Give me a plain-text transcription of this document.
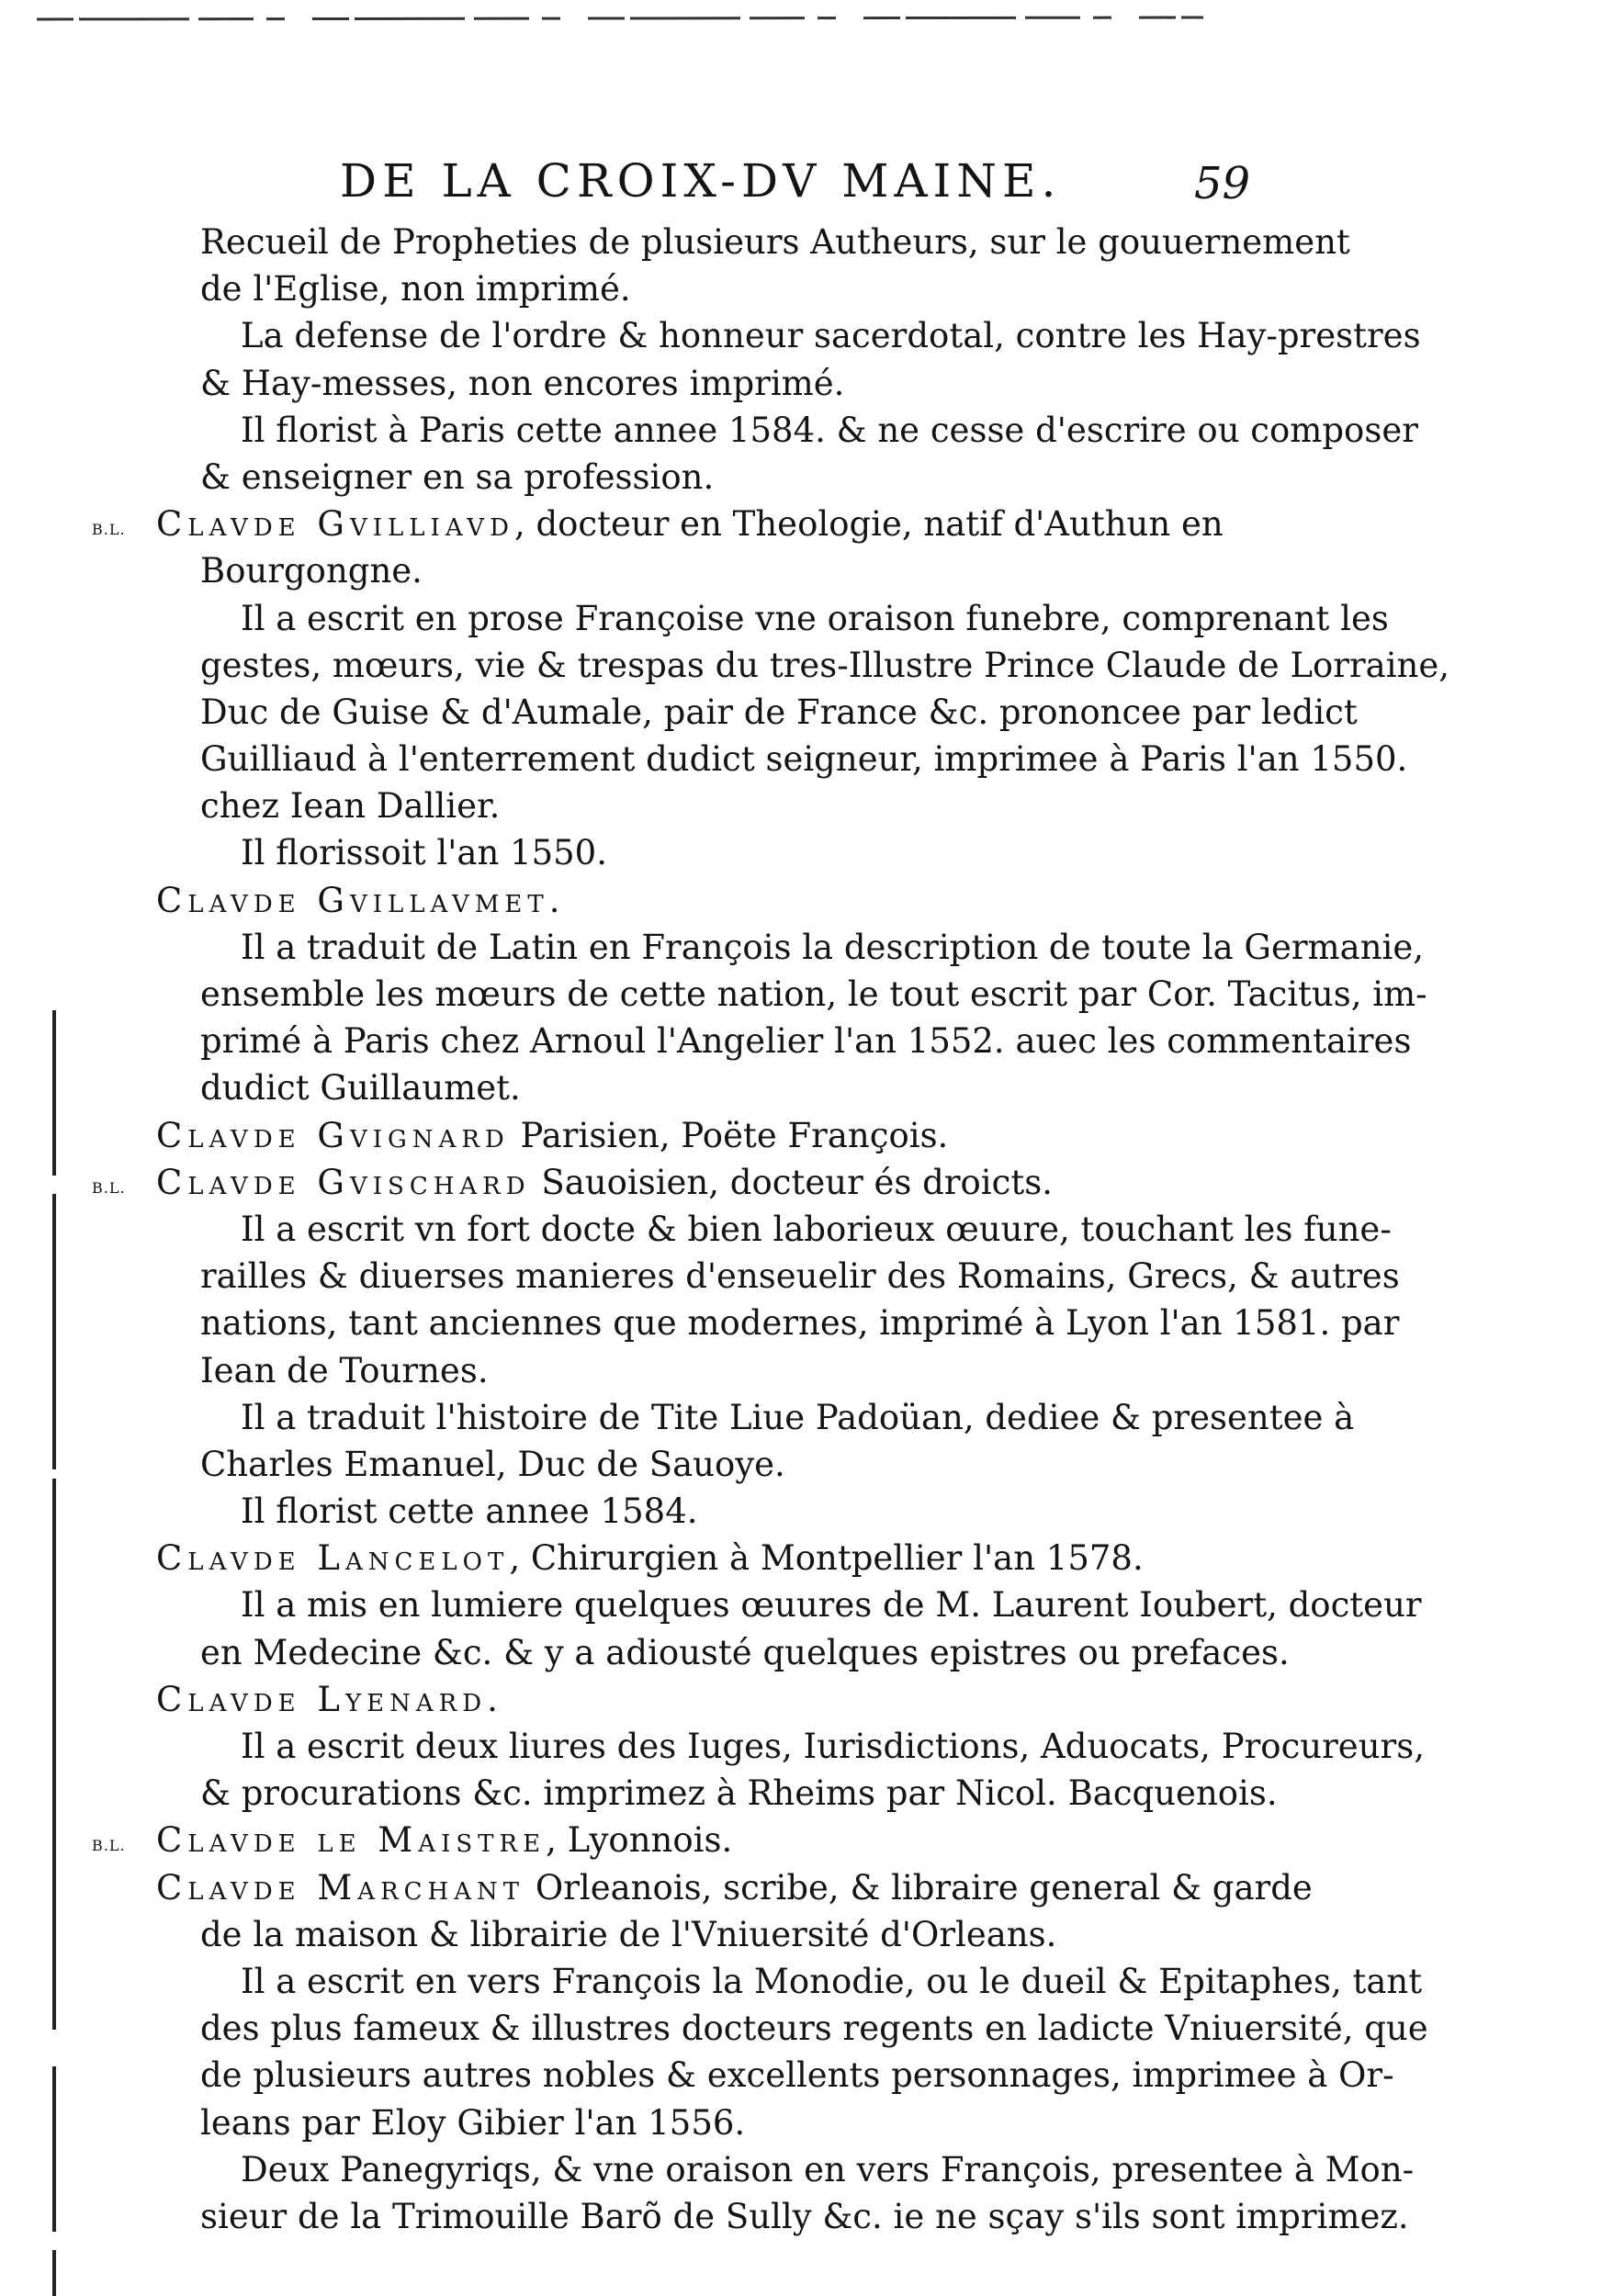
DE LA CROIX-DV MAINE.	59
Recueil de Propheties de plusieurs Autheurs, sur le gouuernement
de l'Eglise, non imprimé.
La defense de l'ordre & honneur sacerdotal, contre les Hay-prestres
& Hay-messes, non encores imprimé.
Il florist à Paris cette annee 1584. & ne cesse d'escrire ou composer
& enseigner en sa profession.
B.L. Clavde Gvilliavd, docteur en Theologie, natif d'Authun en
Bourgongne.
Il a escrit en prose Françoise vne oraison funebre, comprenant les
gestes, mœurs, vie & trespas du tres-Illustre Prince Claude de Lorraine,
Duc de Guise & d'Aumale, pair de France &c. prononcee par ledict
Guilliaud à l'enterrement dudict seigneur, imprimee à Paris l'an 1550.
chez Iean Dallier.
Il florissoit l'an 1550.
Clavde Gvillavmet.
Il a traduit de Latin en François la description de toute la Germanie,
ensemble les mœurs de cette nation, le tout escrit par Cor. Tacitus, im-
primé à Paris chez Arnoul l'Angelier l'an 1552. auec les commentaires
dudict Guillaumet.
Clavde Gvignard Parisien, Poëte François.
B.L. Clavde Gvischard Sauoisien, docteur és droicts.
Il a escrit vn fort docte & bien laborieux œuure, touchant les fune-
railles & diuerses manieres d'enseuelir des Romains, Grecs, & autres
nations, tant anciennes que modernes, imprimé à Lyon l'an 1581. par
Iean de Tournes.
Il a traduit l'histoire de Tite Liue Padoüan, dediee & presentee à
Charles Emanuel, Duc de Sauoye.
Il florist cette annee 1584.
Clavde Lancelot, Chirurgien à Montpellier l'an 1578.
Il a mis en lumiere quelques œuures de M. Laurent Ioubert, docteur
en Medecine &c. & y a adiousté quelques epistres ou prefaces.
Clavde Lyenard.
Il a escrit deux liures des Iuges, Iurisdictions, Aduocats, Procureurs,
& procurations &c. imprimez à Rheims par Nicol. Bacquenois.
B.L. Clavde le Maistre, Lyonnois.
Clavde Marchant Orleanois, scribe, & libraire general & garde
de la maison & librairie de l'Vniuersité d'Orleans.
Il a escrit en vers François la Monodie, ou le dueil & Epitaphes, tant
des plus fameux & illustres docteurs regents en ladicte Vniuersité, que
de plusieurs autres nobles & excellents personnages, imprimee à Or-
leans par Eloy Gibier l'an 1556.
Deux Panegyriqs, & vne oraison en vers François, presentee à Mon-
sieur de la Trimouille Barõ de Sully &c. ie ne sçay s'ils sont imprimez.
